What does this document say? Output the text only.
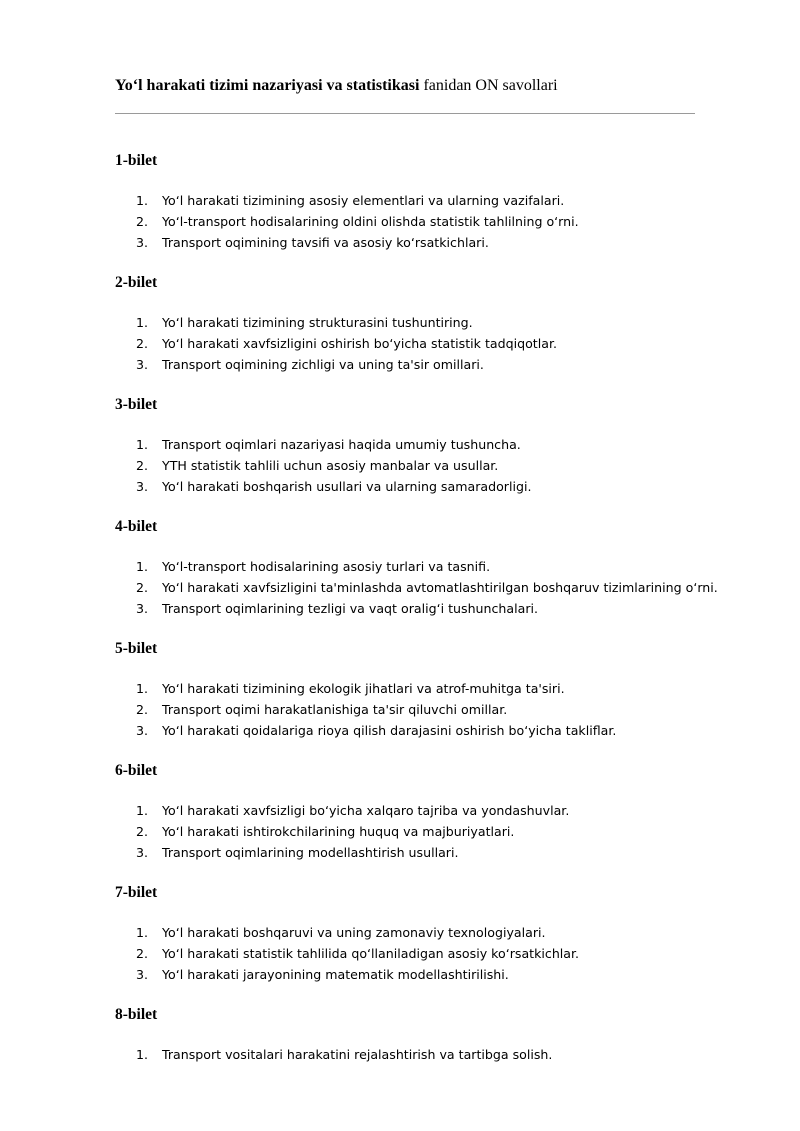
Yo‘l harakati tizimi nazariyasi va statistikasi fanidan ON savollari
1-bilet
1. Yo‘l harakati tizimining asosiy elementlari va ularning vazifalari.
2. Yo‘l-transport hodisalarining oldini olishda statistik tahlilning o‘rni.
3. Transport oqimining tavsifi va asosiy ko‘rsatkichlari.
2-bilet
1. Yo‘l harakati tizimining strukturasini tushuntiring.
2. Yo‘l harakati xavfsizligini oshirish bo‘yicha statistik tadqiqotlar.
3. Transport oqimining zichligi va uning ta'sir omillari.
3-bilet
1. Transport oqimlari nazariyasi haqida umumiy tushuncha.
2. YTH statistik tahlili uchun asosiy manbalar va usullar.
3. Yo‘l harakati boshqarish usullari va ularning samaradorligi.
4-bilet
1. Yo‘l-transport hodisalarining asosiy turlari va tasnifi.
2. Yo‘l harakati xavfsizligini ta'minlashda avtomatlashtirilgan boshqaruv tizimlarining o‘rni.
3. Transport oqimlarining tezligi va vaqt oralig‘i tushunchalari.
5-bilet
1. Yo‘l harakati tizimining ekologik jihatlari va atrof-muhitga ta'siri.
2. Transport oqimi harakatlanishiga ta'sir qiluvchi omillar.
3. Yo‘l harakati qoidalariga rioya qilish darajasini oshirish bo‘yicha takliflar.
6-bilet
1. Yo‘l harakati xavfsizligi bo‘yicha xalqaro tajriba va yondashuvlar.
2. Yo‘l harakati ishtirokchilarining huquq va majburiyatlari.
3. Transport oqimlarining modellashtirish usullari.
7-bilet
1. Yo‘l harakati boshqaruvi va uning zamonaviy texnologiyalari.
2. Yo‘l harakati statistik tahlilida qo‘llaniladigan asosiy ko‘rsatkichlar.
3. Yo‘l harakati jarayonining matematik modellashtirilishi.
8-bilet
1. Transport vositalari harakatini rejalashtirish va tartibga solish.
